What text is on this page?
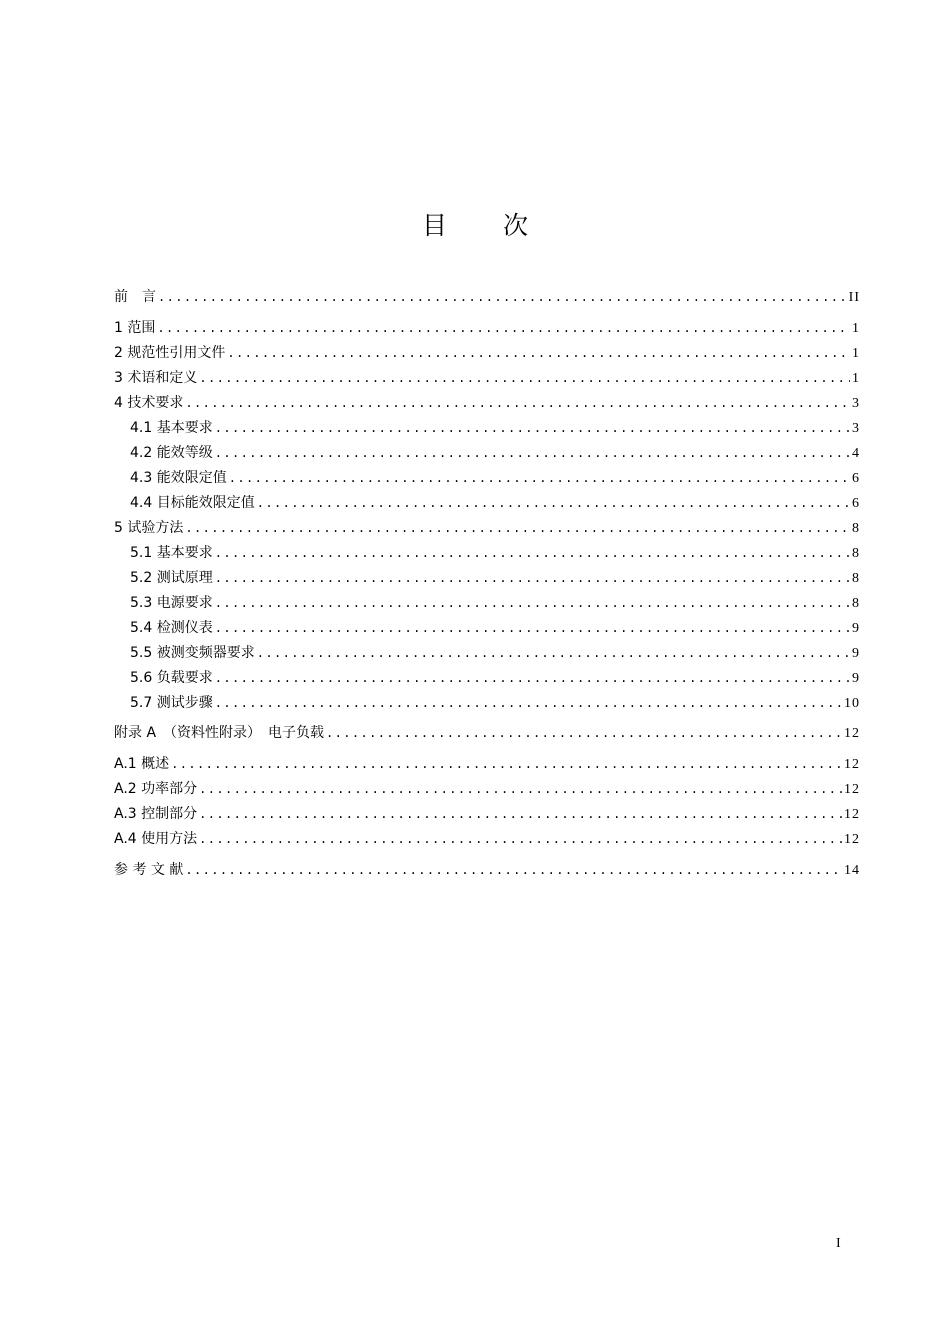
目 次
前　言 .....	II
1 范围 .....	1
2 规范性引用文件 .....	1
3 术语和定义 .....	1
4 技术要求 .....	3
4.1 基本要求 .....	3
4.2 能效等级 .....	4
4.3 能效限定值 .....	6
4.4 目标能效限定值 .....	6
5 试验方法 .....	8
5.1 基本要求 .....	8
5.2 测试原理 .....	8
5.3 电源要求 .....	8
5.4 检测仪表 .....	9
5.5 被测变频器要求 .....	9
5.6 负载要求 .....	9
5.7 测试步骤 .....	10
附录 A　（资料性附录）　电子负载 .....	12
A.1 概述 .....	12
A.2 功率部分 .....	12
A.3 控制部分 .....	12
A.4 使用方法 .....	12
参 考 文 献 .....	14
I
